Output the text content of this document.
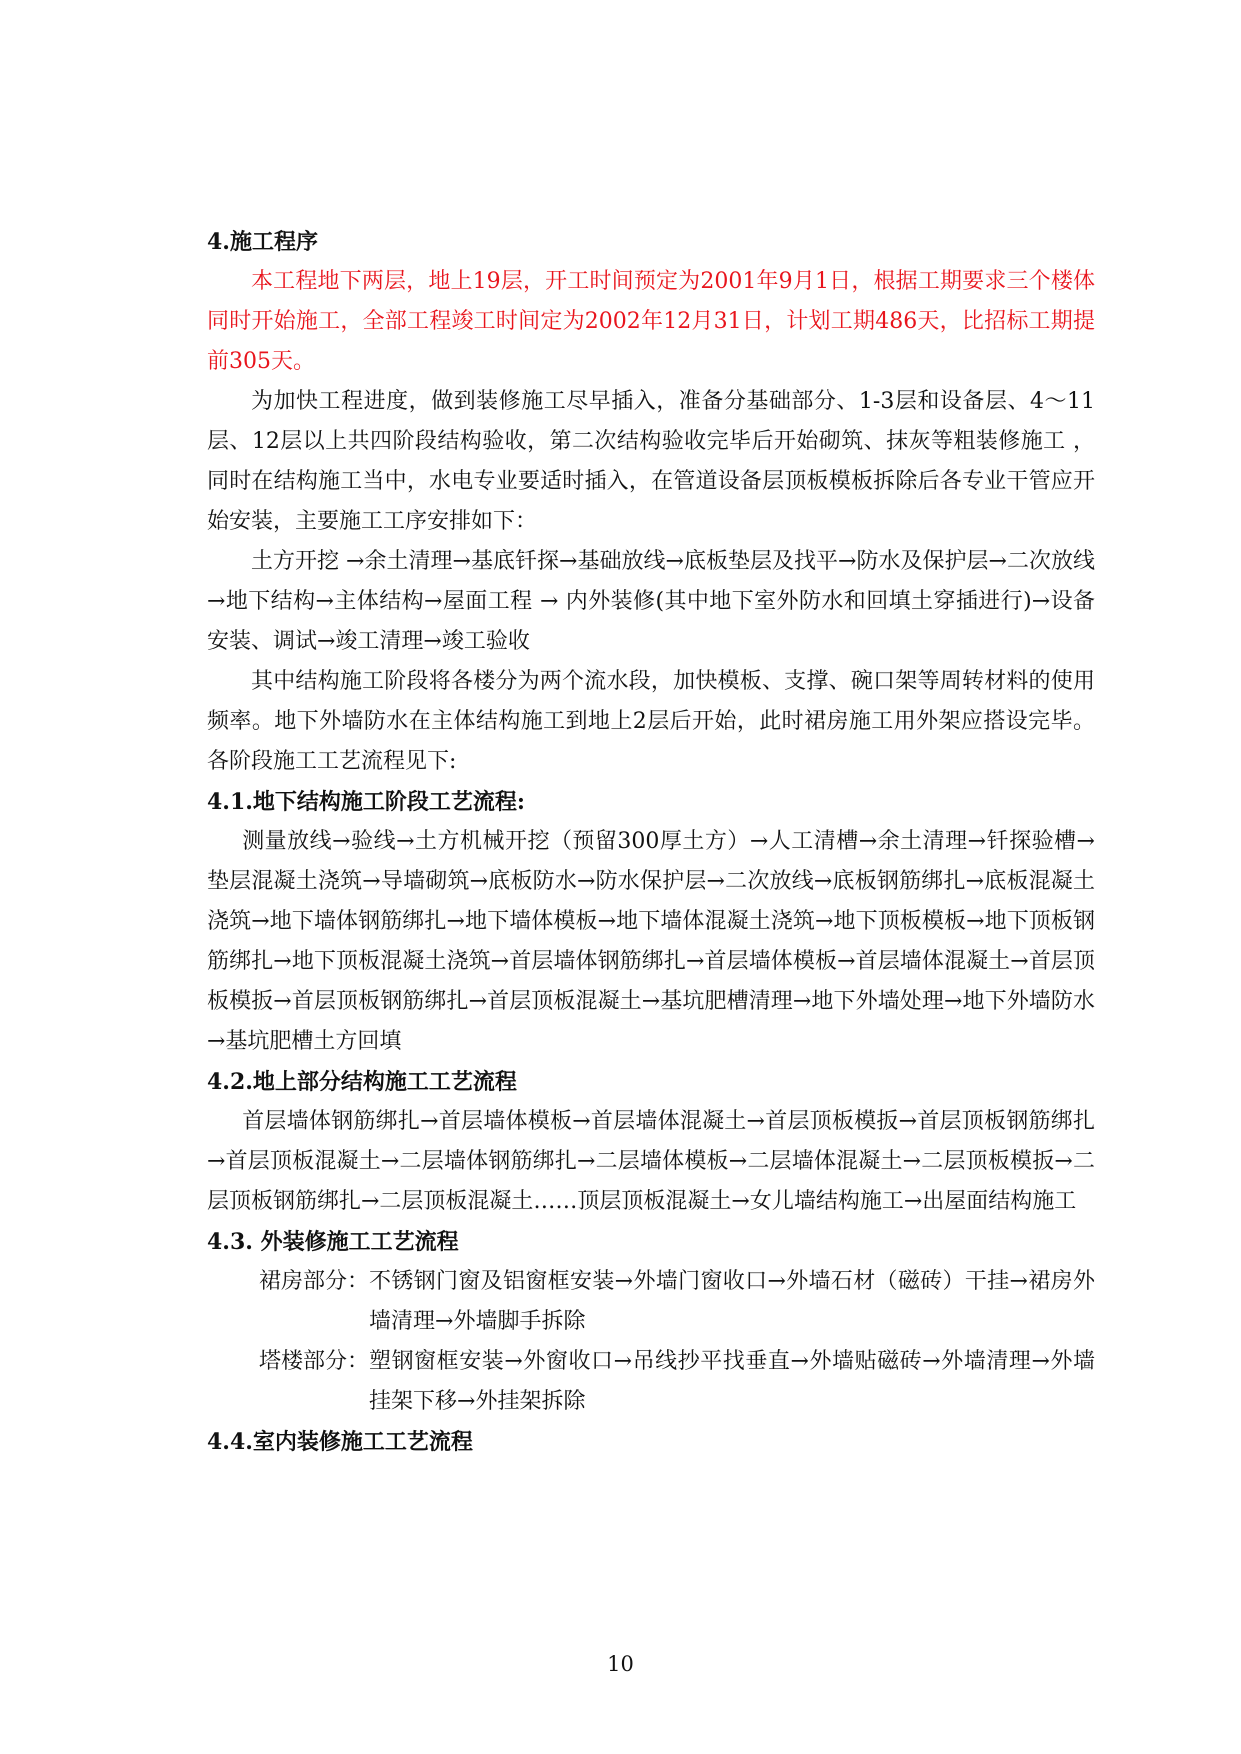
4.施工程序

本工程地下两层，地上19层，开工时间预定为2001年9月1日，根据工期要求三个楼体同时开始施工，全部工程竣工时间定为2002年12月31日，计划工期486天，比招标工期提前305天。

为加快工程进度，做到装修施工尽早插入，准备分基础部分、1-3层和设备层、4～11层、12层以上共四阶段结构验收，第二次结构验收完毕后开始砌筑、抹灰等粗装修施工 ，同时在结构施工当中，水电专业要适时插入，在管道设备层顶板模板拆除后各专业干管应开始安装，主要施工工序安排如下：

土方开挖 →余土清理→基底钎探→基础放线→底板垫层及找平→防水及保护层→二次放线→地下结构→主体结构→屋面工程 → 内外装修(其中地下室外防水和回填土穿插进行)→设备安装、调试→竣工清理→竣工验收

其中结构施工阶段将各楼分为两个流水段，加快模板、支撑、碗口架等周转材料的使用频率。地下外墙防水在主体结构施工到地上2层后开始，此时裙房施工用外架应搭设完毕。各阶段施工工艺流程见下:

4.1.地下结构施工阶段工艺流程:

测量放线→验线→土方机械开挖（预留300厚土方）→人工清槽→余土清理→钎探验槽→垫层混凝土浇筑→导墙砌筑→底板防水→防水保护层→二次放线→底板钢筋绑扎→底板混凝土浇筑→地下墙体钢筋绑扎→地下墙体模板→地下墙体混凝土浇筑→地下顶板模板→地下顶板钢筋绑扎→地下顶板混凝土浇筑→首层墙体钢筋绑扎→首层墙体模板→首层墙体混凝土→首层顶板模扳→首层顶板钢筋绑扎→首层顶板混凝土→基坑肥槽清理→地下外墙处理→地下外墙防水→基坑肥槽土方回填

4.2.地上部分结构施工工艺流程

首层墙体钢筋绑扎→首层墙体模板→首层墙体混凝土→首层顶板模扳→首层顶板钢筋绑扎→首层顶板混凝土→二层墙体钢筋绑扎→二层墙体模板→二层墙体混凝土→二层顶板模扳→二层顶板钢筋绑扎→二层顶板混凝土……顶层顶板混凝土→女儿墙结构施工→出屋面结构施工

4.3. 外装修施工工艺流程

裙房部分： 不锈钢门窗及铝窗框安装→外墙门窗收口→外墙石材（磁砖）干挂→裙房外墙清理→外墙脚手拆除
塔楼部分： 塑钢窗框安装→外窗收口→吊线抄平找垂直→外墙贴磁砖→外墙清理→外墙挂架下移→外挂架拆除

4.4.室内装修施工工艺流程

10
